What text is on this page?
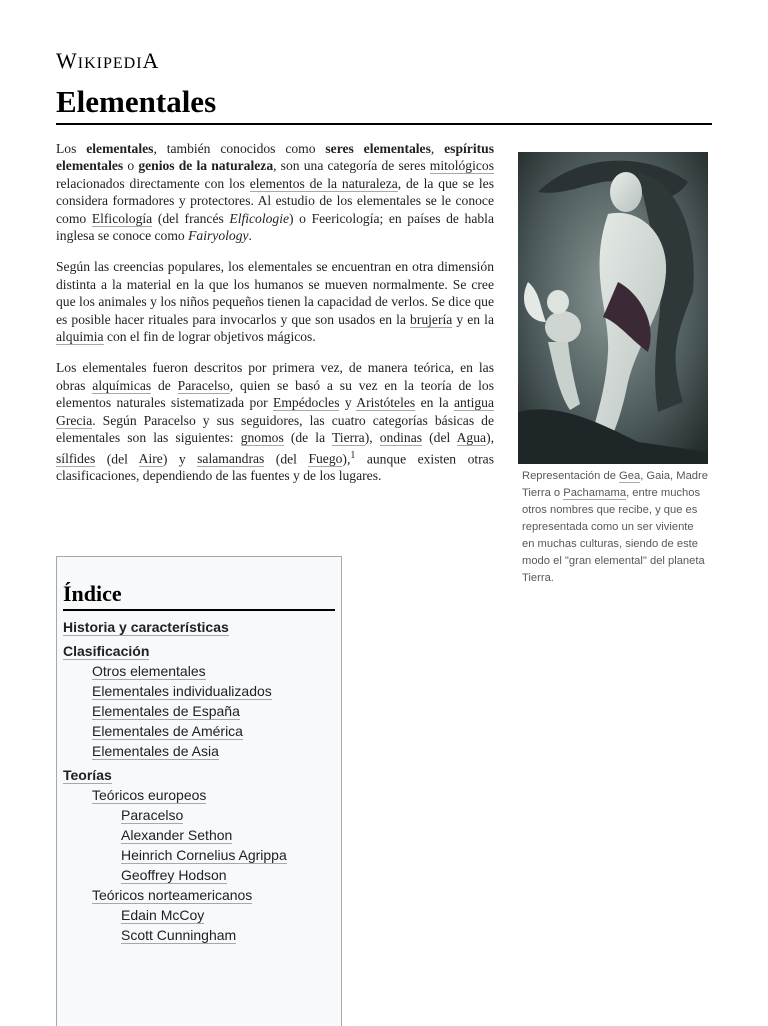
WIKIPEDIA
Elementales

Los elementales, también conocidos como seres elementales, espíritus elementales o genios de la naturaleza, son una categoría de seres mitológicos relacionados directamente con los elementos de la naturaleza, de la que se les considera formadores y protectores. Al estudio de los elementales se le conoce como Elficología (del francés Elficologie) o Feericología; en países de habla inglesa se conoce como Fairyology.

Según las creencias populares, los elementales se encuentran en otra dimensión distinta a la material en la que los humanos se mueven normalmente. Se cree que los animales y los niños pequeños tienen la capacidad de verlos. Se dice que es posible hacer rituales para invocarlos y que son usados en la brujería y en la alquimia con el fin de lograr objetivos mágicos.

Los elementales fueron descritos por primera vez, de manera teórica, en las obras alquímicas de Paracelso, quien se basó a su vez en la teoría de los elementos naturales sistematizada por Empédocles y Aristóteles en la antigua Grecia. Según Paracelso y sus seguidores, las cuatro categorías básicas de elementales son las siguientes: gnomos (de la Tierra), ondinas (del Agua), sílfides (del Aire) y salamandras (del Fuego),$^1$ aunque existen otras clasificaciones, dependiendo de las fuentes y de los lugares.	Representación de Gea, Gaia, Madre Tierra o Pachamama, entre muchos otros nombres que recibe, y que es representada como un ser viviente en muchas culturas, siendo de este modo el "gran elemental" del planeta Tierra.
Índice
Historia y características
Clasificación
Otros elementales
Elementales individualizados
Elementales de España
Elementales de América
Elementales de Asia
Teorías
Teóricos europeos
Paracelso
Alexander Sethon
Heinrich Cornelius Agrippa
Geoffrey Hodson
Teóricos norteamericanos
Edain McCoy
Scott Cunningham
